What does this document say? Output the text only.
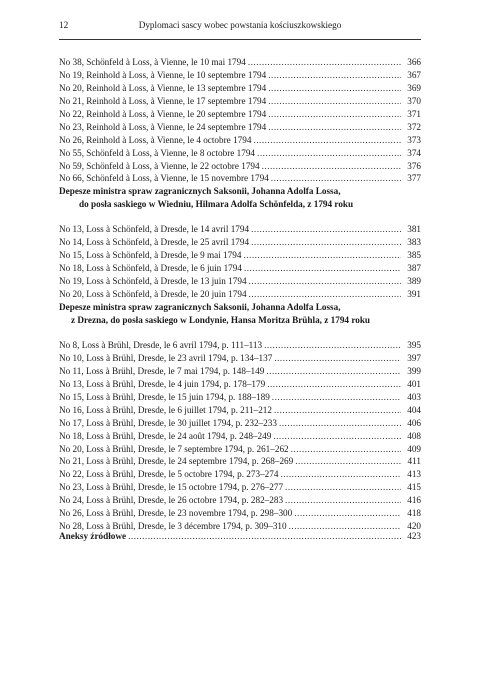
12	Dyplomaci sascy wobec powstania kościuszkowskiego
No 38, Schönfeld à Loss, à Vienne, le 10 mai 1794 .....	366
No 19, Reinhold à Loss, à Vienne, le 10 septembre 1794 .....	367
No 20, Reinhold à Loss, à Vienne, le 13 septembre 1794 .....	369
No 21, Reinhold à Loss, à Vienne, le 17 septembre 1794 .....	370
No 22, Reinhold à Loss, à Vienne, le 20 septembre 1794 .....	371
No 23, Reinhold à Loss, à Vienne, le 24 septembre 1794 .....	372
No 26, Reinhold à Loss, à Vienne, le 4 octobre 1794 .....	373
No 55, Schönfeld à Loss, à Vienne, le 8 octobre 1794 .....	374
No 59, Schönfeld à Loss, à Vienne, le 22 octobre 1794 .....	376
No 66, Schönfeld à Loss, à Vienne, le 15 novembre 1794 .....	377
Depesze ministra spraw zagranicznych Saksonii, Johanna Adolfa Lossa,
do posła saskiego w Wiedniu, Hilmara Adolfa Schönfelda, z 1794 roku
No 13, Loss à Schönfeld, à Dresde, le 14 avril 1794 .....	381
No 14, Loss à Schönfeld, à Dresde, le 25 avril 1794 .....	383
No 15, Loss à Schönfeld, à Dresde, le 9 mai 1794 .....	385
No 18, Loss à Schönfeld, à Dresde, le 6 juin 1794 .....	387
No 19, Loss à Schönfeld, à Dresde, le 13 juin 1794 .....	389
No 20, Loss à Schönfeld, à Dresde, le 20 juin 1794 .....	391
Depesze ministra spraw zagranicznych Saksonii, Johanna Adolfa Lossa,
z Drezna, do posła saskiego w Londynie, Hansa Moritza Brühla, z 1794 roku
No 8, Loss à Brühl, Dresde, le 6 avril 1794, p. 111–113 .....	395
No 10, Loss à Brühl, Dresde, le 23 avril 1794, p. 134–137 .....	397
No 11, Loss à Brühl, Dresde, le 7 mai 1794, p. 148–149 .....	399
No 13, Loss à Brühl, Dresde, le 4 juin 1794, p. 178–179 .....	401
No 15, Loss à Brühl, Dresde, le 15 juin 1794, p. 188–189 .....	403
No 16, Loss à Brühl, Dresde, le 6 juillet 1794, p. 211–212 .....	404
No 17, Loss à Brühl, Dresde, le 30 juillet 1794, p. 232–233 .....	406
No 18, Loss à Brühl, Dresde, le 24 août 1794, p. 248–249 .....	408
No 20, Loss à Brühl, Dresde, le 7 septembre 1794, p. 261–262 .....	409
No 21, Loss à Brühl, Dresde, le 24 septembre 1794, p. 268–269 .....	411
No 22, Loss à Brühl, Dresde, le 5 octobre 1794, p. 273–274 .....	413
No 23, Loss à Brühl, Dresde, le 15 octobre 1794, p. 276–277 .....	415
No 24, Loss à Brühl, Dresde, le 26 octobre 1794, p. 282–283 .....	416
No 26, Loss à Brühl, Dresde, le 23 novembre 1794, p. 298–300 .....	418
No 28, Loss à Brühl, Dresde, le 3 décembre 1794, p. 309–310 .....	420
Aneksy źródłowe .....	423
